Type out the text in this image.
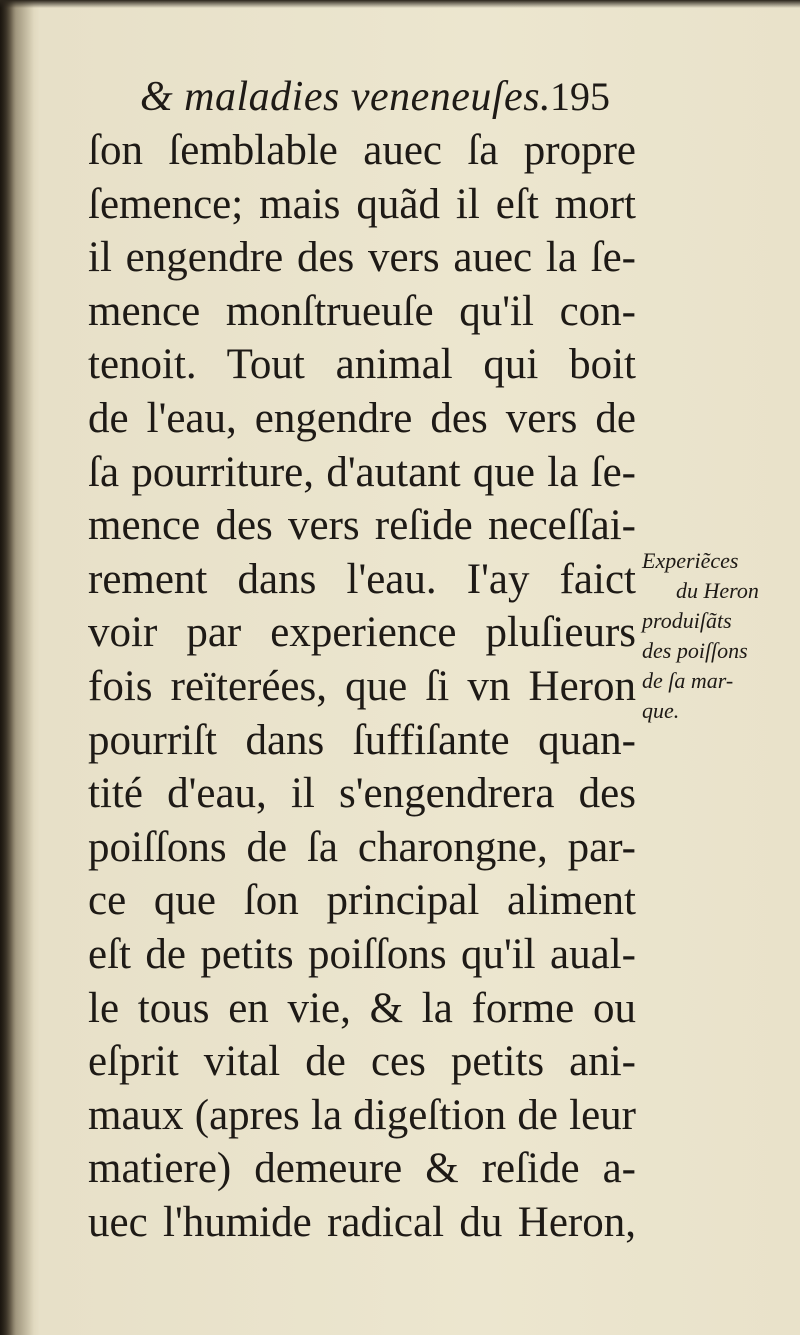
& maladies veneneuſes.
195
ſon ſemblable auec ſa propre
ſemence; mais quãd il eſt mort
il engendre des vers auec la ſe-
mence monſtrueuſe qu'il con-
tenoit. Tout animal qui boit
de l'eau, engendre des vers de
ſa pourriture, d'autant que la ſe-
mence des vers reſide neceſſai-
rement dans l'eau. I'ay faict
voir par experience pluſieurs
fois reïterées, que ſi vn Heron
pourriſt dans ſuffiſante quan-
tité d'eau, il s'engendrera des
poiſſons de ſa charongne, par-
ce que ſon principal aliment
eſt de petits poiſſons qu'il aual-
le tous en vie, & la forme ou
eſprit vital de ces petits ani-
maux (apres la digeſtion de leur
matiere) demeure & reſide a-
uec l'humide radical du Heron,
Experiẽces
du Heron
produiſãts
des poiſſons
de ſa mar-
que.
